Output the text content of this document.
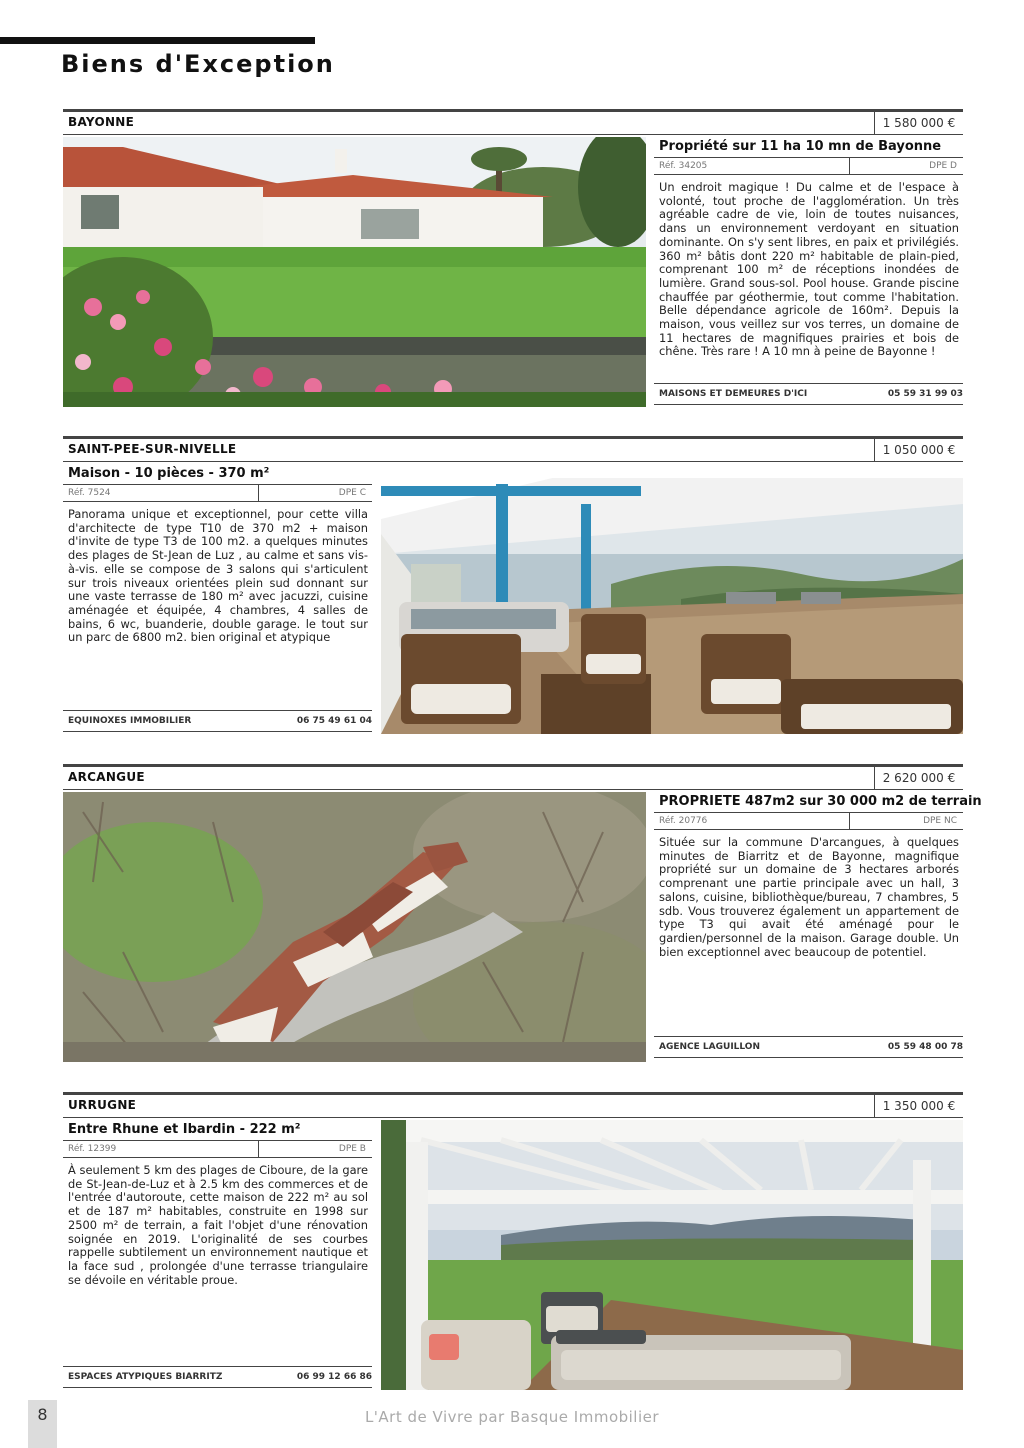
Biens d'Exception
BAYONNE	1 580 000 €
Propriété sur 11 ha 10 mn de Bayonne
Réf. 34205	DPE D
Un endroit magique ! Du calme et de l'espace à volonté, tout proche de l'agglomération. Un très agréable cadre de vie, loin de toutes nuisances, dans un environnement verdoyant en situation dominante. On s'y sent libres, en paix et privilégiés. 360 m² bâtis dont 220 m² habitable de plain-pied, comprenant 100 m² de réceptions inondées de lumière. Grand sous-sol. Pool house. Grande piscine chauffée par géothermie, tout comme l'habitation. Belle dépendance agricole de 160m². Depuis la maison, vous veillez sur vos terres, un domaine de 11 hectares de magnifiques prairies et bois de chêne. Très rare ! A 10 mn à peine de Bayonne !
MAISONS ET DEMEURES D'ICI	05 59 31 99 03
SAINT-PEE-SUR-NIVELLE	1 050 000 €
Maison - 10 pièces - 370 m²
Réf. 7524	DPE C
Panorama unique et exceptionnel, pour cette villa d'architecte de type T10 de 370 m2 + maison d'invite de type T3 de 100 m2. a quelques minutes des plages de St-Jean de Luz , au calme et sans vis-à-vis. elle se compose de 3 salons qui s'articulent sur trois niveaux orientées plein sud donnant sur une vaste terrasse de 180 m² avec jacuzzi, cuisine aménagée et équipée, 4 chambres, 4 salles de bains, 6 wc, buanderie, double garage. le tout sur un parc de 6800 m2. bien original et atypique
EQUINOXES IMMOBILIER	06 75 49 61 04
ARCANGUE	2 620 000 €
PROPRIETE 487m2 sur 30 000 m2 de terrain
Réf. 20776	DPE NC
Située sur la commune D'arcangues, à quelques minutes de Biarritz et de Bayonne, magnifique propriété sur un domaine de 3 hectares arborés comprenant une partie principale avec un hall, 3 salons, cuisine, bibliothèque/bureau, 7 chambres, 5 sdb. Vous trouverez également un appartement de type T3 qui avait été aménagé pour le gardien/personnel de la maison. Garage double. Un bien exceptionnel avec beaucoup de potentiel.
AGENCE LAGUILLON	05 59 48 00 78
URRUGNE	1 350 000 €
Entre Rhune et Ibardin - 222 m²
Réf. 12399	DPE B
À seulement 5 km des plages de Ciboure, de la gare de St-Jean-de-Luz et à 2.5 km des commerces et de l'entrée d'autoroute, cette maison de 222 m² au sol et de 187 m² habitables, construite en 1998 sur 2500 m² de terrain, a fait l'objet d'une rénovation soignée en 2019. L'originalité de ses courbes rappelle subtilement un environnement nautique et la face sud , prolongée d'une terrasse triangulaire se dévoile en véritable proue.
ESPACES ATYPIQUES BIARRITZ	06 99 12 66 86
8	L'Art de Vivre par Basque Immobilier
